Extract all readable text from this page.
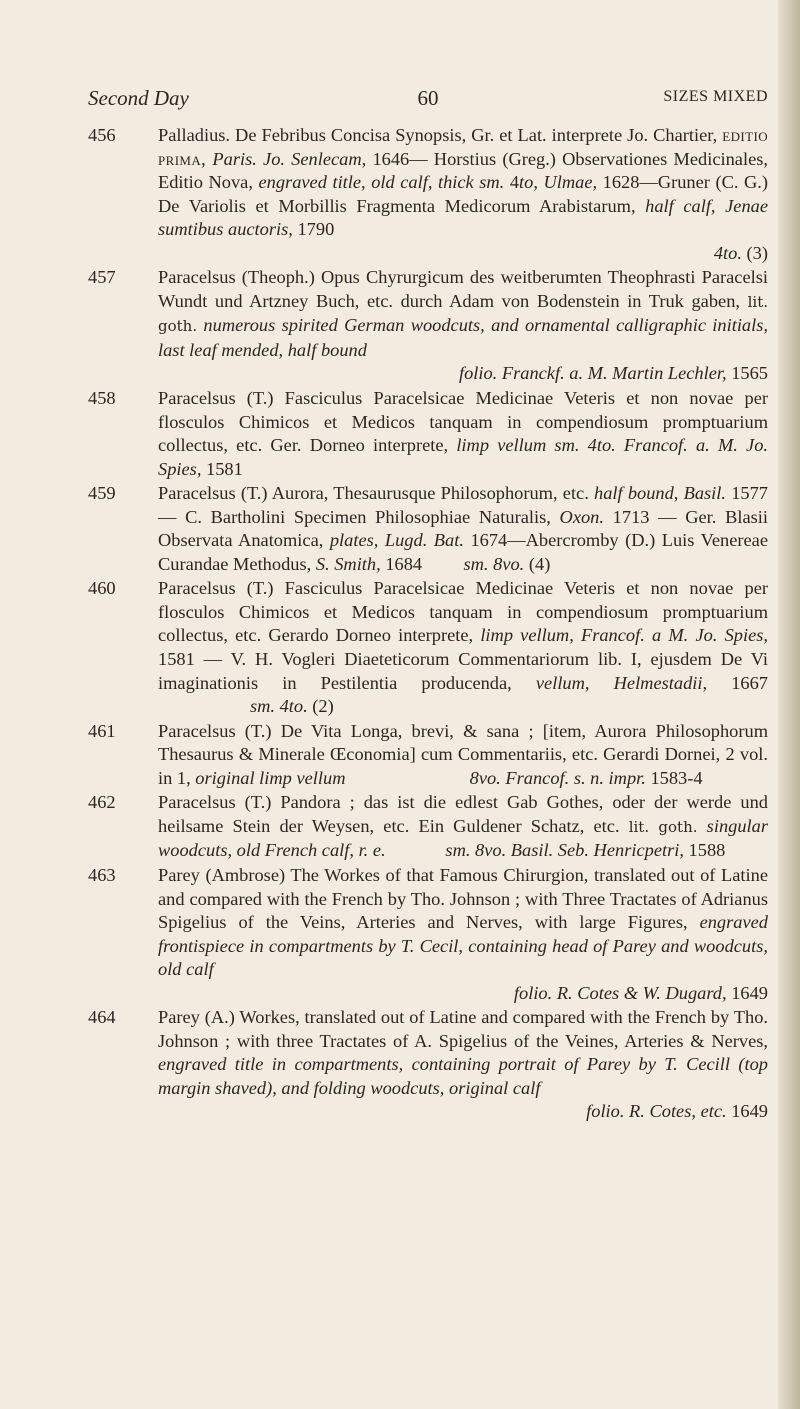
Second Day	60	SIZES MIXED
456 Palladius. De Febribus Concisa Synopsis, Gr. et Lat. interprete Jo. Chartier, editio prima, Paris. Jo. Senlecam, 1646— Horstius (Greg.) Observationes Medicinales, Editio Nova, engraved title, old calf, thick sm. 4to, Ulmae, 1628—Gruner (C. G.) De Variolis et Morbillis Fragmenta Medicorum Arabistarum, half calf, Jenae sumtibus auctoris, 1790
4to. (3)
457 Paracelsus (Theoph.) Opus Chyrurgicum des weitberumten Theophrasti Paracelsi Wundt und Artzney Buch, etc. durch Adam von Bodenstein in Truk gaben, lit. goth. numerous spirited German woodcuts, and ornamental calligraphic initials, last leaf mended, half bound
folio. Franckf. a. M. Martin Lechler, 1565
458 Paracelsus (T.) Fasciculus Paracelsicae Medicinae Veteris et non novae per flosculos Chimicos et Medicos tanquam in compendiosum promptuarium collectus, etc. Ger. Dorneo interprete, limp vellum sm. 4to. Francof. a. M. Jo. Spies, 1581
459 Paracelsus (T.) Aurora, Thesaurusque Philosophorum, etc. half bound, Basil. 1577 — C. Bartholini Specimen Philosophiae Naturalis, Oxon. 1713 — Ger. Blasii Observata Anatomica, plates, Lugd. Bat. 1674—Abercromby (D.) Luis Venereae Curandae Methodus, S. Smith, 1684         sm. 8vo. (4)
460 Paracelsus (T.) Fasciculus Paracelsicae Medicinae Veteris et non novae per flosculos Chimicos et Medicos tanquam in compendiosum promptuarium collectus, etc. Gerardo Dorneo interprete, limp vellum, Francof. a M. Jo. Spies, 1581 — V. H. Vogleri Diaeteticorum Commentariorum lib. I, ejusdem De Vi imaginationis in Pestilentia producenda, vellum, Helmestadii, 1667                     sm. 4to. (2)
461 Paracelsus (T.) De Vita Longa, brevi, & sana ; [item, Aurora Philosophorum Thesaurus & Minerale Œconomia] cum Commentariis, etc. Gerardi Dornei, 2 vol. in 1, original limp vellum	8vo. Francof. s. n. impr. 1583-4
462 Paracelsus (T.) Pandora ; das ist die edlest Gab Gothes, oder der werde und heilsame Stein der Weysen, etc. Ein Guldener Schatz, etc. lit. goth. singular woodcuts, old French calf, r. e.	sm. 8vo. Basil. Seb. Henricpetri, 1588
463 Parey (Ambrose) The Workes of that Famous Chirurgion, translated out of Latine and compared with the French by Tho. Johnson ; with Three Tractates of Adrianus Spigelius of the Veins, Arteries and Nerves, with large Figures, engraved frontispiece in compartments by T. Cecil, containing head of Parey and woodcuts, old calf
folio. R. Cotes & W. Dugard, 1649
464 Parey (A.) Workes, translated out of Latine and compared with the French by Tho. Johnson ; with three Tractates of A. Spigelius of the Veines, Arteries & Nerves, engraved title in compartments, containing portrait of Parey by T. Cecill (top margin shaved), and folding woodcuts, original calf
folio. R. Cotes, etc. 1649
